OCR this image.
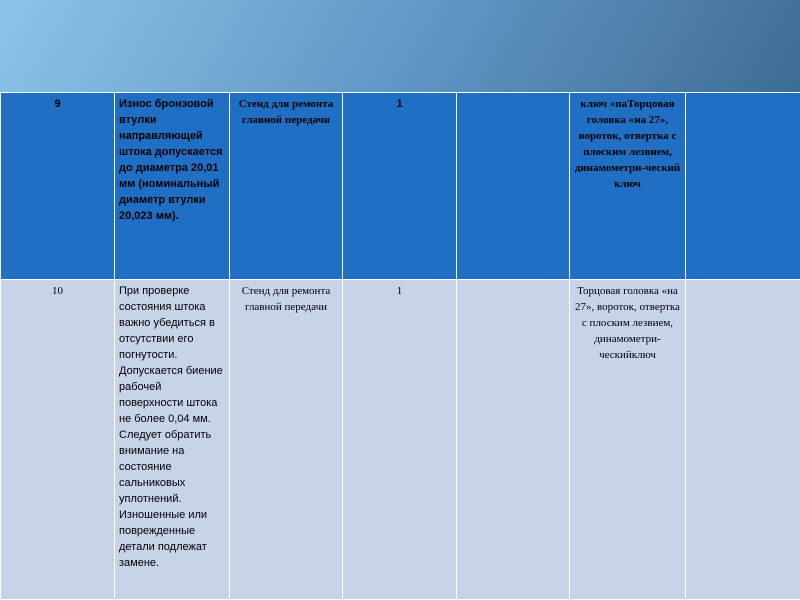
9	Износ бронзовой втулки направляющей штока допускается до диаметра 20,01 мм (номинальный диаметр втулки 20,023 мм).	Стенд для ремонта главной передачи	1		ключ «паТорцовая головка «на 27», вороток, отвертка с плоским лезвием, динамометри-ческий ключ	
10	При проверке состояния штока важно убедиться в отсутствии его погнутости. Допускается биение рабочей поверхности штока не более 0,04 мм. Следует обратить внимание на состояние сальниковых уплотнений. Изношенные или поврежденные детали подлежат замене.	Стенд для ремонта главной передачи	1		Торцовая головка «на 27», вороток, отвертка с плоским лезвием, динамометри-ческийключ	
